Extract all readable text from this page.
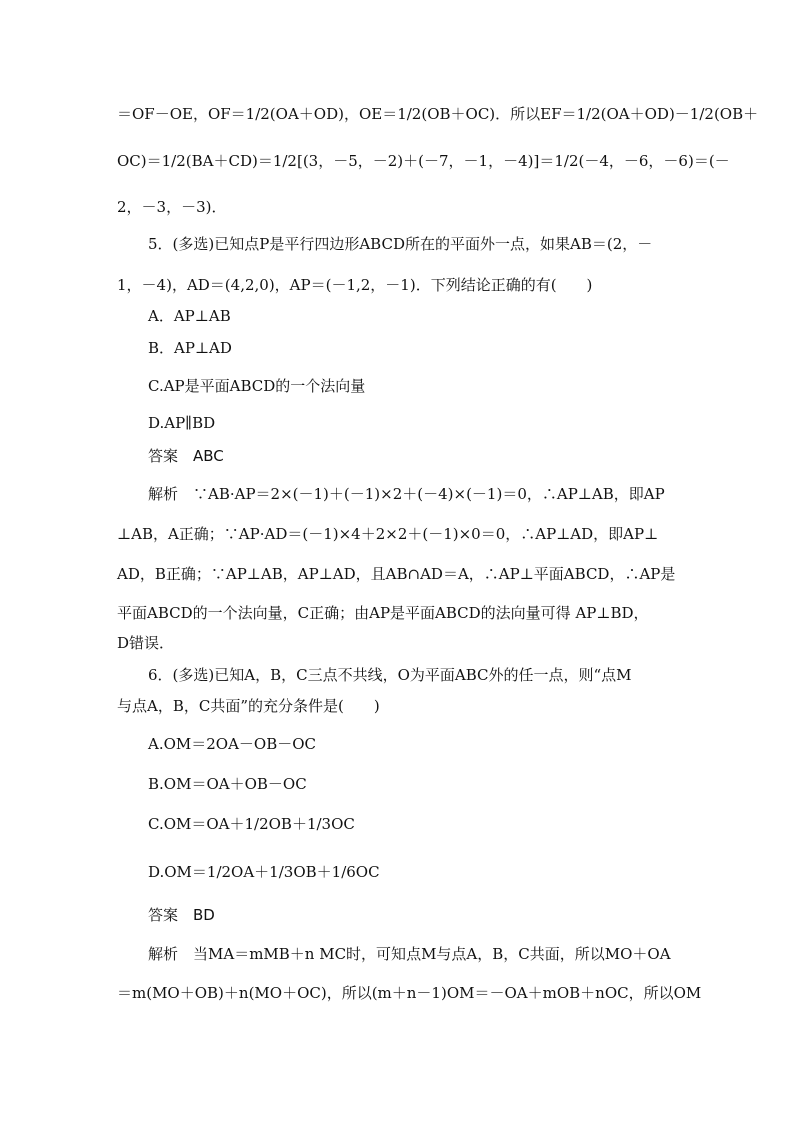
＝OF－OE，OF＝1/2(OA＋OD)，OE＝1/2(OB＋OC)．所以EF＝1/2(OA＋OD)－1/2(OB＋
OC)＝1/2(BA＋CD)＝1/2[(3，－5，－2)＋(－7，－1，－4)]＝1/2(－4，－6，－6)＝(－
2，－3，－3)．
5．(多选)已知点P是平行四边形ABCD所在的平面外一点，如果AB＝(2，－
1，－4)，AD＝(4,2,0)，AP＝(－1,2，－1)．下列结论正确的有(　　)
A．AP⊥AB
B．AP⊥AD
C.AP是平面ABCD的一个法向量
D.AP∥BD
答案　ABC
解析　∵AB·AP＝2×(－1)＋(－1)×2＋(－4)×(－1)＝0，∴AP⊥AB，即AP
⊥AB，A正确；∵AP·AD＝(－1)×4＋2×2＋(－1)×0＝0，∴AP⊥AD，即AP⊥
AD，B正确；∵AP⊥AB，AP⊥AD，且AB∩AD＝A，∴AP⊥平面ABCD，∴AP是
平面ABCD的一个法向量，C正确；由AP是平面ABCD的法向量可得 AP⊥BD，
D错误．
6．(多选)已知A，B，C三点不共线，O为平面ABC外的任一点，则“点M
与点A，B，C共面”的充分条件是(　　)
A.OM＝2OA－OB－OC
B.OM＝OA＋OB－OC
C.OM＝OA＋1/2OB＋1/3OC
D.OM＝1/2OA＋1/3OB＋1/6OC
答案　BD
解析　当MA＝mMB＋n MC时，可知点M与点A，B，C共面，所以MO＋OA
＝m(MO＋OB)＋n(MO＋OC)，所以(m＋n－1)OM＝－OA＋mOB＋nOC，所以OM
